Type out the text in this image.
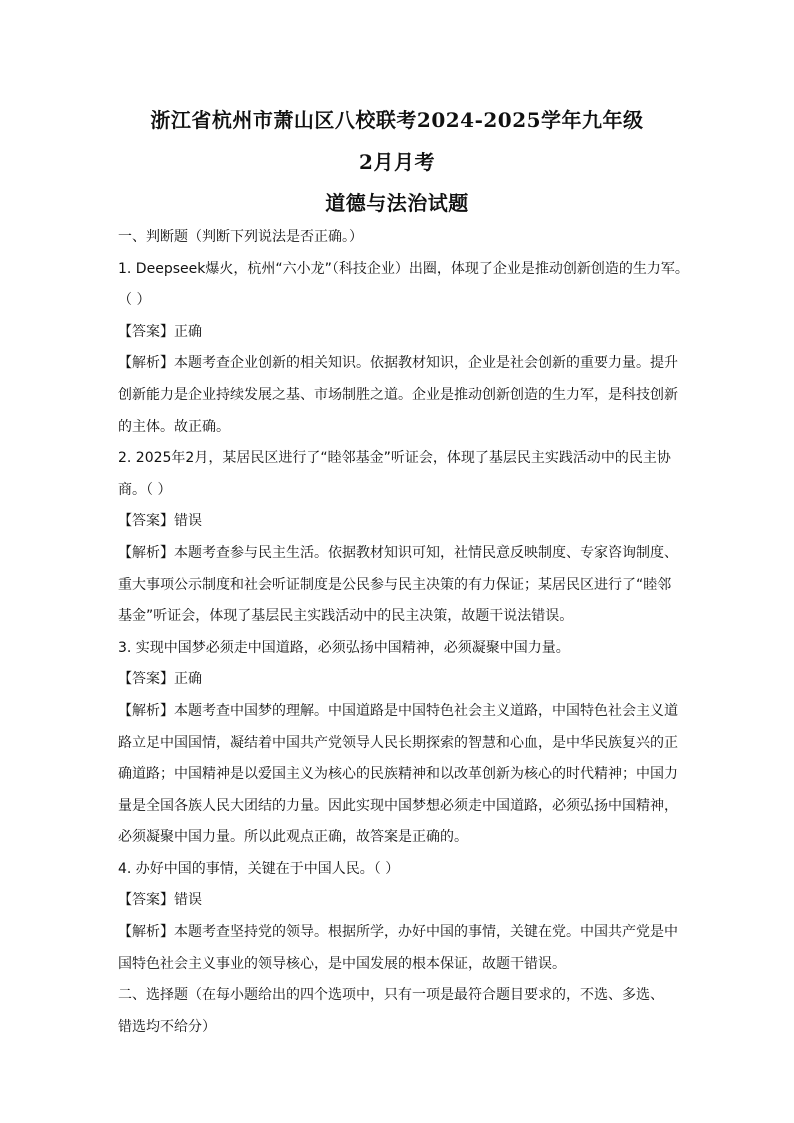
浙江省杭州市萧山区八校联考2024-2025学年九年级
2月月考
道德与法治试题
一、判断题（判断下列说法是否正确。）
1. Deepseek爆火，杭州“六小龙”（科技企业）出圈，体现了企业是推动创新创造的生力军。
（ ）
【答案】正确
【解析】本题考查企业创新的相关知识。依据教材知识，企业是社会创新的重要力量。提升
创新能力是企业持续发展之基、市场制胜之道。企业是推动创新创造的生力军，是科技创新
的主体。故正确。
2. 2025年2月，某居民区进行了“睦邻基金”听证会，体现了基层民主实践活动中的民主协
商。（ ）
【答案】错误
【解析】本题考查参与民主生活。依据教材知识可知，社情民意反映制度、专家咨询制度、
重大事项公示制度和社会听证制度是公民参与民主决策的有力保证；某居民区进行了“睦邻
基金”听证会，体现了基层民主实践活动中的民主决策，故题干说法错误。
3. 实现中国梦必须走中国道路，必须弘扬中国精神，必须凝聚中国力量。
【答案】正确
【解析】本题考查中国梦的理解。中国道路是中国特色社会主义道路，中国特色社会主义道
路立足中国国情，凝结着中国共产党领导人民长期探索的智慧和心血，是中华民族复兴的正
确道路；中国精神是以爱国主义为核心的民族精神和以改革创新为核心的时代精神；中国力
量是全国各族人民大团结的力量。因此实现中国梦想必须走中国道路，必须弘扬中国精神，
必须凝聚中国力量。所以此观点正确，故答案是正确的。
4. 办好中国的事情，关键在于中国人民。（ ）
【答案】错误
【解析】本题考查坚持党的领导。根据所学，办好中国的事情，关键在党。中国共产党是中
国特色社会主义事业的领导核心，是中国发展的根本保证，故题干错误。
二、选择题（在每小题给出的四个选项中，只有一项是最符合题目要求的，不选、多选、
错选均不给分）
